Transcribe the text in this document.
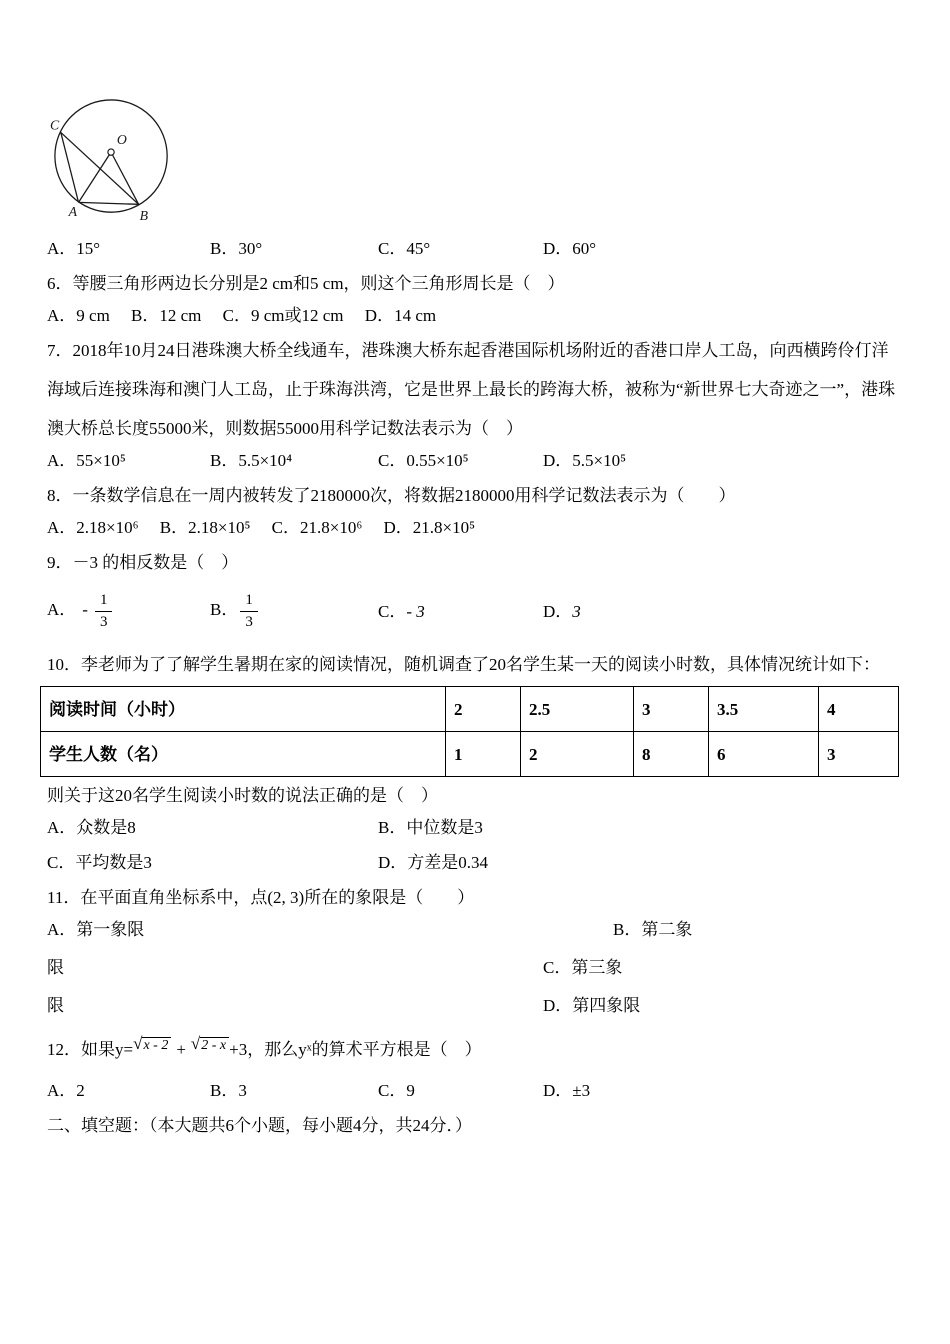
C
O
A	B
A．15°	B．30°	C．45°	D．60°
6．等腰三角形两边长分别是2 cm和5 cm，则这个三角形周长是（　）
A．9 cm B．12 cm C．9 cm或12 cm D．14 cm
7．2018年10月24日港珠澳大桥全线通车，港珠澳大桥东起香港国际机场附近的香港口岸人工岛，向西横跨伶仃洋
海域后连接珠海和澳门人工岛，止于珠海洪湾，它是世界上最长的跨海大桥，被称为“新世界七大奇迹之一”，港珠
澳大桥总长度55000米，则数据55000用科学记数法表示为（　）
A．55×10⁵	B．5.5×10⁴	C．0.55×10⁵	D．5.5×10⁵
8．一条数学信息在一周内被转发了2180000次，将数据2180000用科学记数法表示为（　　）
A．2.18×10⁶ B．2.18×10⁵ C．21.8×10⁶ D．21.8×10⁵
9．－3 的相反数是（　）
A． - $\frac{1}{3}$	B． $\frac{1}{3}$	C．- 3	D．3
10．李老师为了了解学生暑期在家的阅读情况，随机调查了20名学生某一天的阅读小时数，具体情况统计如下：
阅读时间（小时）	2	2.5	3	3.5	4
学生人数（名）	1	2	8	6	3
则关于这20名学生阅读小时数的说法正确的是（　）
A．众数是8	B．中位数是3
C．平均数是3	D．方差是0.34
11．在平面直角坐标系中，点(2, 3)所在的象限是（　　）
A．第一象限	B．第二象
限	C．第三象
限	D．第四象限
12．如果y=√x - 2 + √2 - x +3，那么yˣ的算术平方根是（　）
A．2	B．3	C．9	D．±3
二、填空题：（本大题共6个小题，每小题4分，共24分．）
